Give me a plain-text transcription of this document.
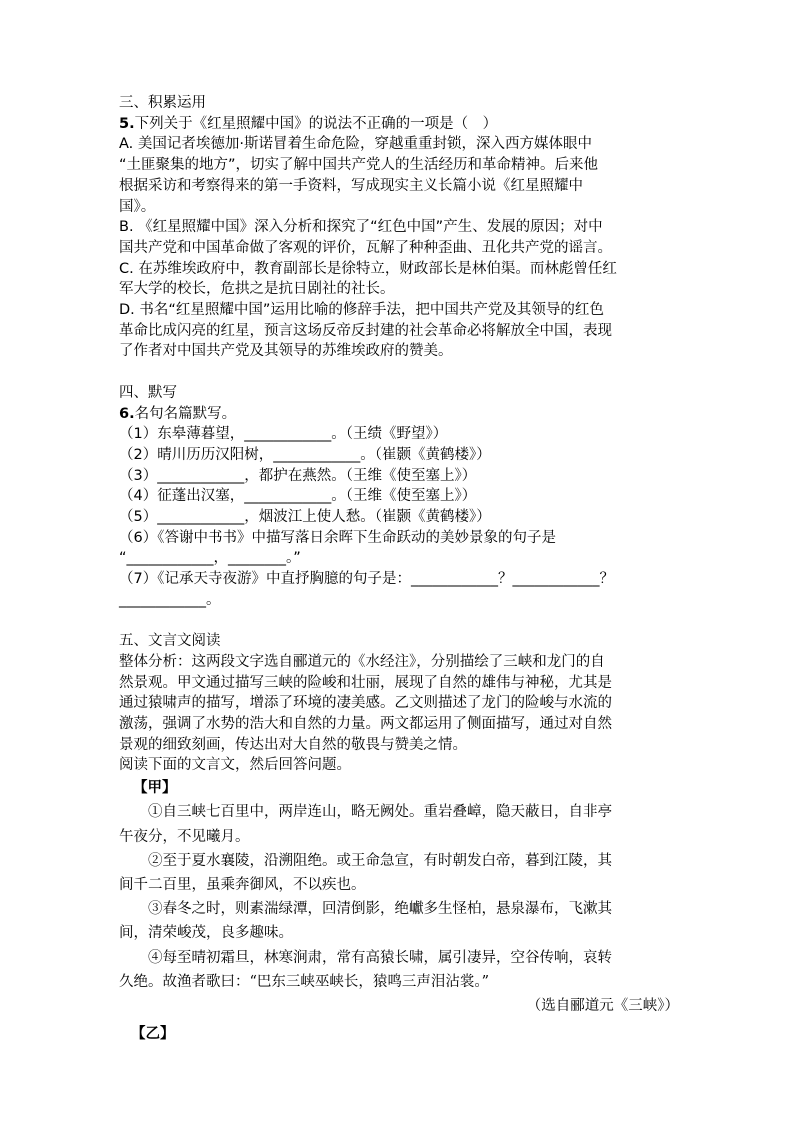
三、积累运用
5.下列关于《红星照耀中国》的说法不正确的一项是（　）
A. 美国记者埃德加·斯诺冒着生命危险，穿越重重封锁，深入西方媒体眼中
“土匪聚集的地方”，切实了解中国共产党人的生活经历和革命精神。后来他
根据采访和考察得来的第一手资料，写成现实主义长篇小说《红星照耀中
国》。
B. 《红星照耀中国》深入分析和探究了“红色中国”产生、发展的原因；对中
国共产党和中国革命做了客观的评价，瓦解了种种歪曲、丑化共产党的谣言。
C. 在苏维埃政府中，教育副部长是徐特立，财政部长是林伯渠。而林彪曾任红
军大学的校长，危拱之是抗日剧社的社长。
D. 书名“红星照耀中国”运用比喻的修辞手法，把中国共产党及其领导的红色
革命比成闪亮的红星，预言这场反帝反封建的社会革命必将解放全中国，表现
了作者对中国共产党及其领导的苏维埃政府的赞美。
四、默写
6.名句名篇默写。
（1）东皋薄暮望，____________。（王绩《野望》）
（2）晴川历历汉阳树，____________。（崔颢《黄鹤楼》）
（3）____________，都护在燕然。（王维《使至塞上》）
（4）征蓬出汉塞，____________。（王维《使至塞上》）
（5）____________，烟波江上使人愁。（崔颢《黄鹤楼》）
（6）《答谢中书书》中描写落日余晖下生命跃动的美妙景象的句子是
“____________，________。”
（7）《记承天寺夜游》中直抒胸臆的句子是：____________？____________？
____________。
五、文言文阅读
整体分析：这两段文字选自郦道元的《水经注》，分别描绘了三峡和龙门的自
然景观。甲文通过描写三峡的险峻和壮丽，展现了自然的雄伟与神秘，尤其是
通过猿啸声的描写，增添了环境的凄美感。乙文则描述了龙门的险峻与水流的
激荡，强调了水势的浩大和自然的力量。两文都运用了侧面描写，通过对自然
景观的细致刻画，传达出对大自然的敬畏与赞美之情。
阅读下面的文言文，然后回答问题。
【甲】
①自三峡七百里中，两岸连山，略无阙处。重岩叠嶂，隐天蔽日，自非亭
午夜分，不见曦月。
②至于夏水襄陵，沿溯阻绝。或王命急宣，有时朝发白帝，暮到江陵，其
间千二百里，虽乘奔御风，不以疾也。
③春冬之时，则素湍绿潭，回清倒影，绝巘多生怪柏，悬泉瀑布，飞漱其
间，清荣峻茂，良多趣味。
④每至晴初霜旦，林寒涧肃，常有高猿长啸，属引凄异，空谷传响，哀转
久绝。故渔者歌曰：“巴东三峡巫峡长，猿鸣三声泪沾裳。”
（选自郦道元《三峡》）
【乙】
